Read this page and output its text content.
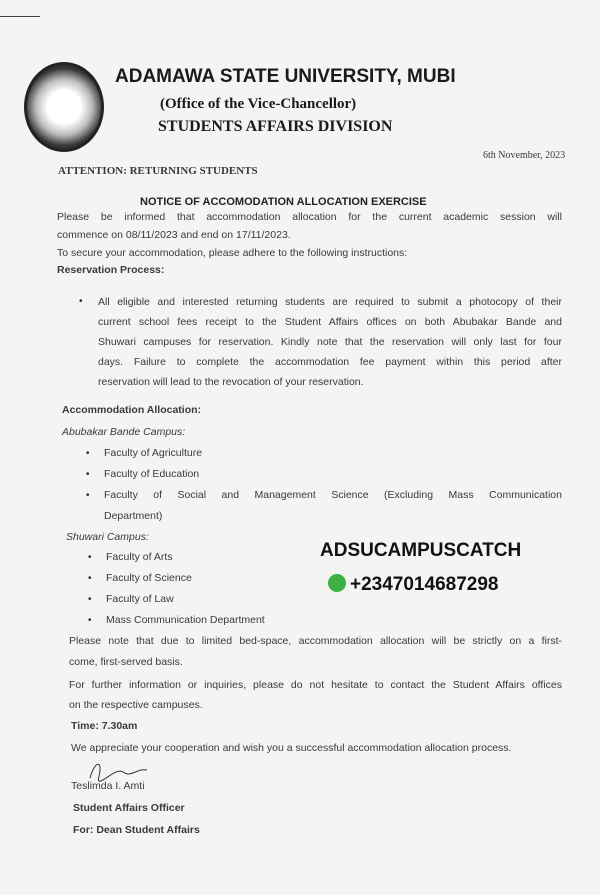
ADAMAWA STATE UNIVERSITY, MUBI
(Office of the Vice-Chancellor)
STUDENTS AFFAIRS DIVISION
6th November, 2023
ATTENTION: RETURNING STUDENTS
NOTICE OF ACCOMODATION ALLOCATION EXERCISE
Please be informed that accommodation allocation for the current academic session will
commence on 08/11/2023 and end on 17/11/2023.
To secure your accommodation, please adhere to the following instructions:
Reservation Process:
• All eligible and interested returning students are required to submit a photocopy of their
current school fees receipt to the Student Affairs offices on both Abubakar Bande and
Shuwari campuses for reservation. Kindly note that the reservation will only last for four
days. Failure to complete the accommodation fee payment within this period after
reservation will lead to the revocation of your reservation.
Accommodation Allocation:
Abubakar Bande Campus:
• Faculty of Agriculture
• Faculty of Education
• Faculty of Social and Management Science (Excluding Mass Communication
Department)
Shuwari Campus:
• Faculty of Arts
• Faculty of Science
• Faculty of Law
• Mass Communication Department
ADSUCAMPUSCATCH
+2347014687298
Please note that due to limited bed-space, accommodation allocation will be strictly on a first-
come, first-served basis.
For further information or inquiries, please do not hesitate to contact the Student Affairs offices
on the respective campuses.
Time: 7.30am
We appreciate your cooperation and wish you a successful accommodation allocation process.
Teslimda I. Amti
Student Affairs Officer
For: Dean Student Affairs
